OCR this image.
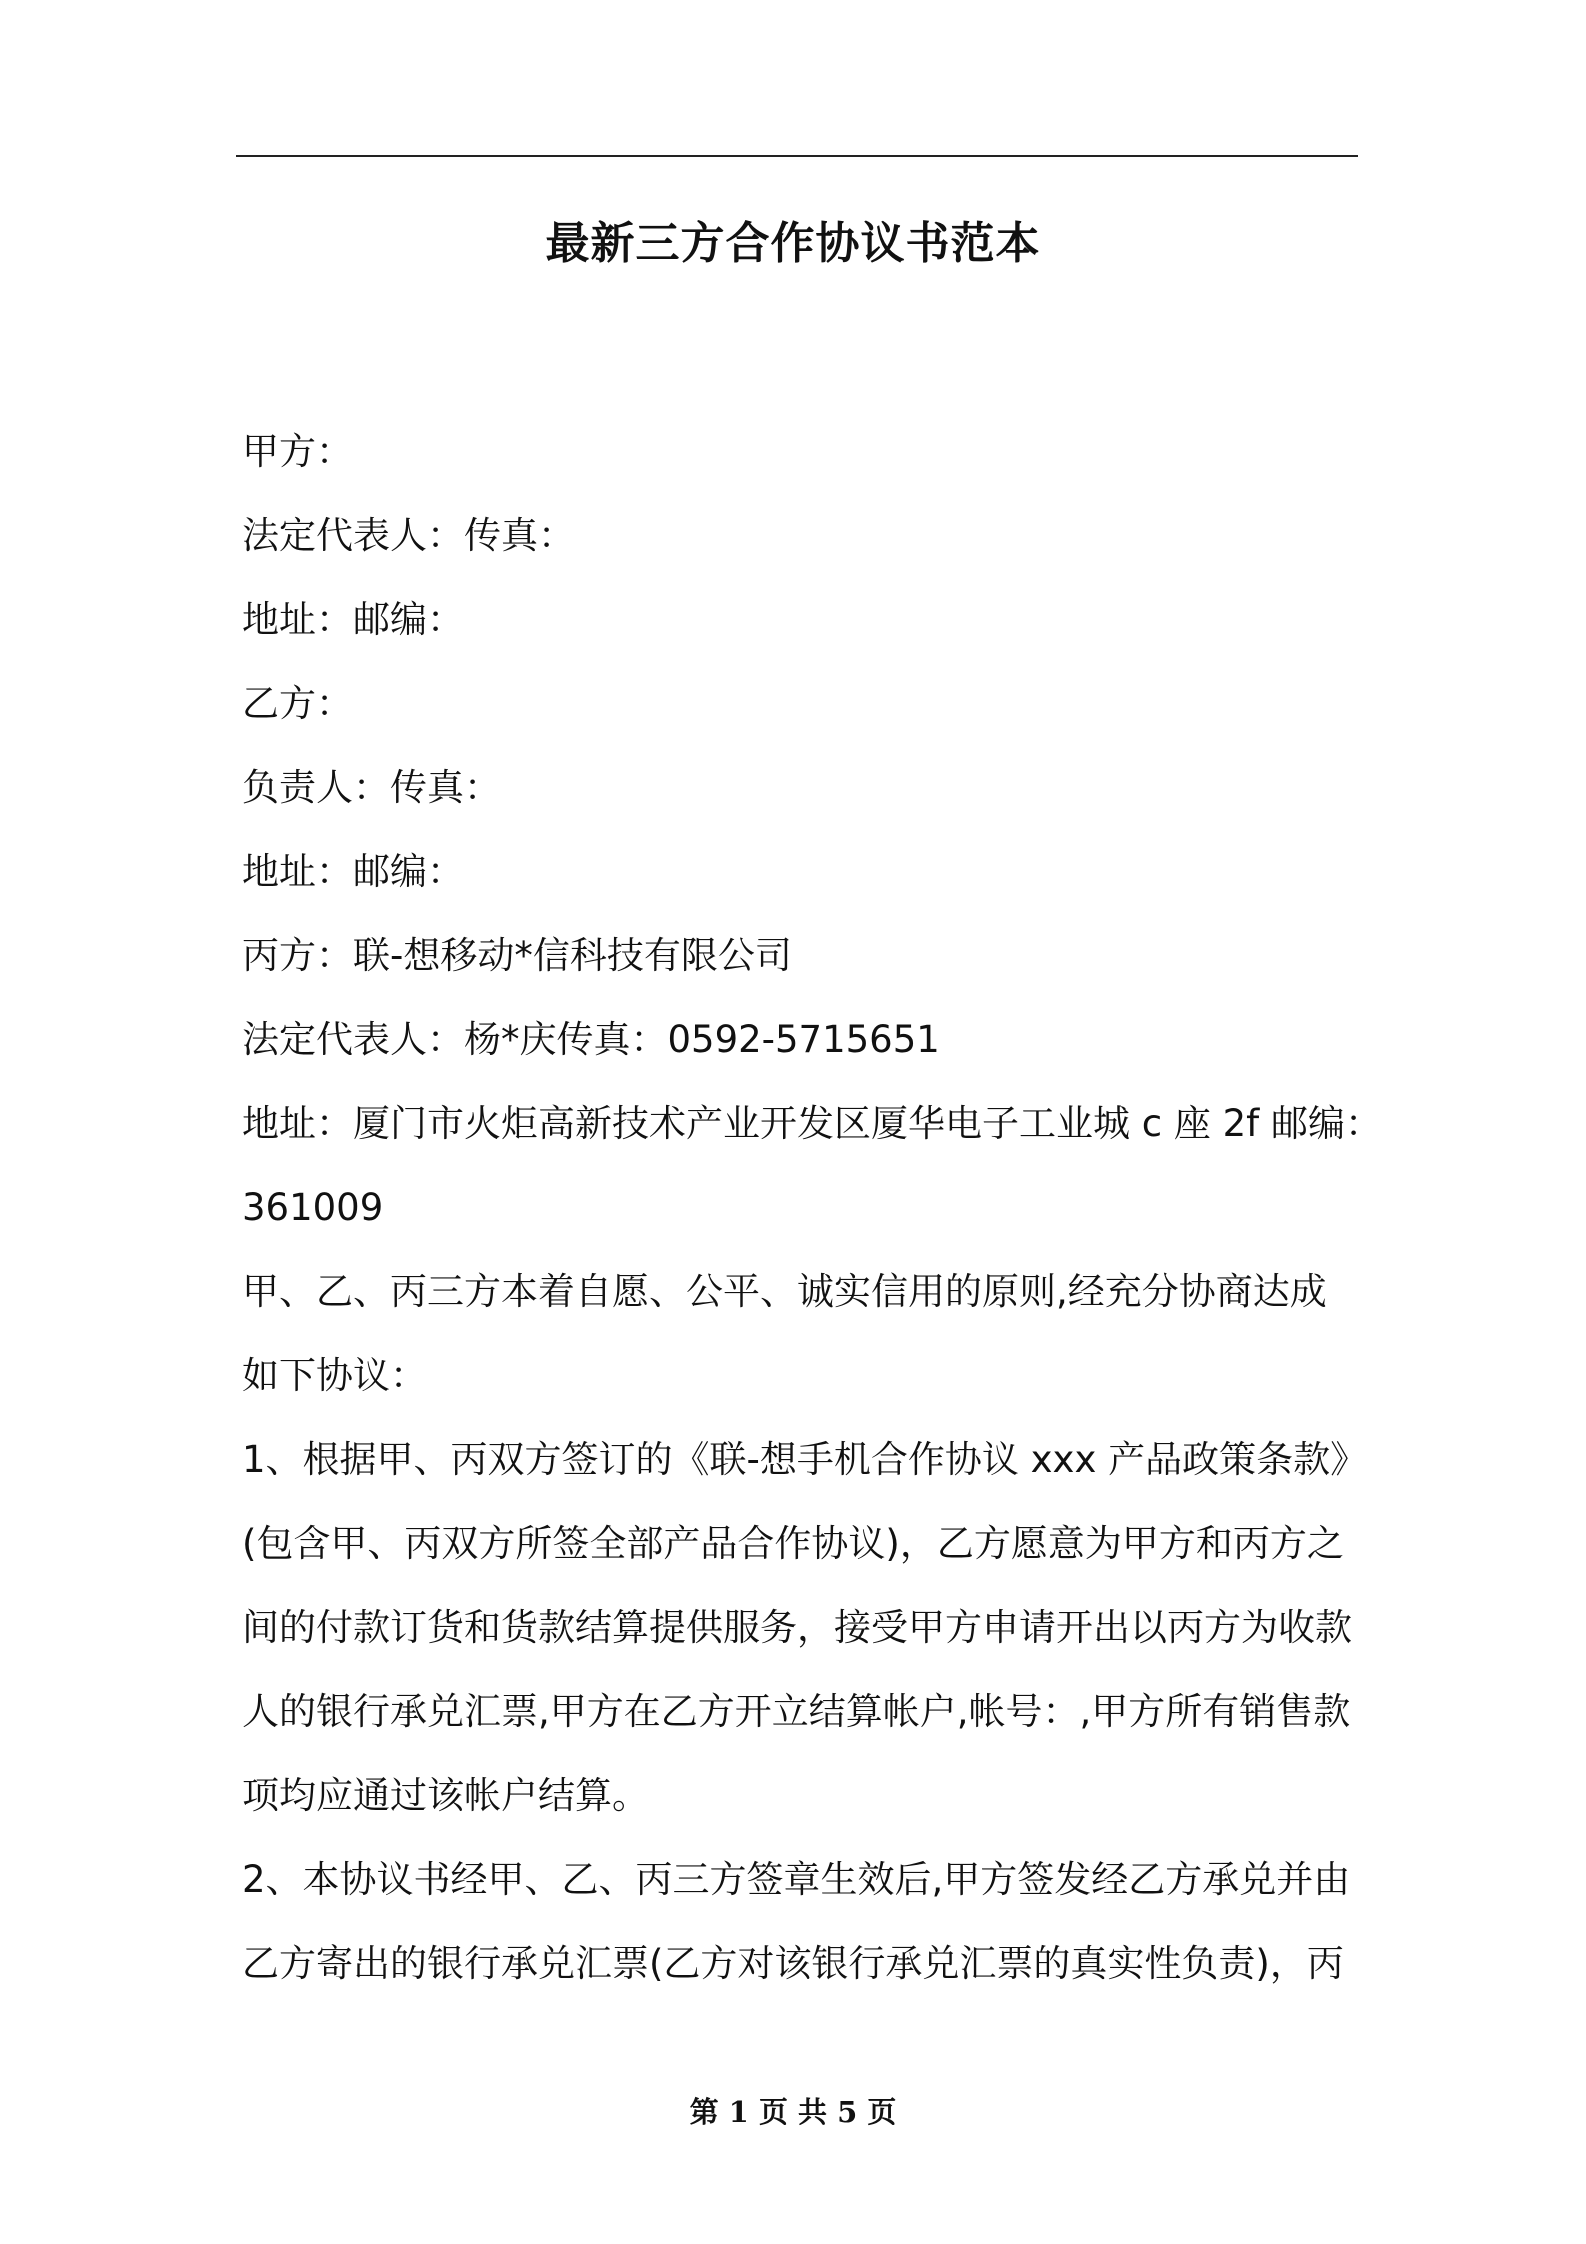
最新三方合作协议书范本
甲方：
法定代表人：传真：
地址：邮编：
乙方：
负责人：传真：
地址：邮编：
丙方：联-想移动*信科技有限公司
法定代表人：杨*庆传真：0592-5715651
地址：厦门市火炬高新技术产业开发区厦华电子工业城 c 座 2f 邮编：
361009
甲、乙、丙三方本着自愿、公平、诚实信用的原则,经充分协商达成
如下协议：
1、根据甲、丙双方签订的《联-想手机合作协议 xxx 产品政策条款》
(包含甲、丙双方所签全部产品合作协议)，乙方愿意为甲方和丙方之
间的付款订货和货款结算提供服务，接受甲方申请开出以丙方为收款
人的银行承兑汇票,甲方在乙方开立结算帐户,帐号：,甲方所有销售款
项均应通过该帐户结算。
2、本协议书经甲、乙、丙三方签章生效后,甲方签发经乙方承兑并由
乙方寄出的银行承兑汇票(乙方对该银行承兑汇票的真实性负责)，丙
第 1 页 共 5 页
